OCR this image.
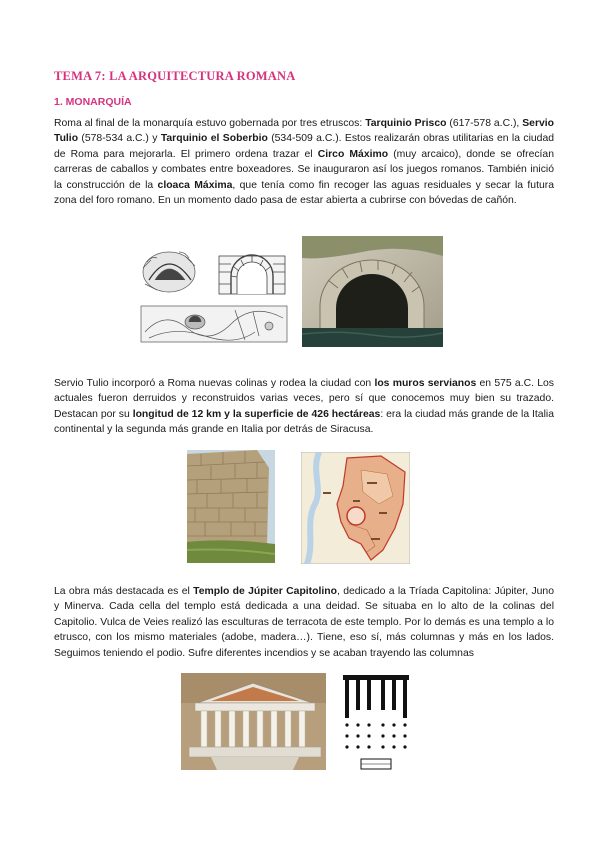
TEMA 7: LA ARQUITECTURA ROMANA
1. MONARQUÍA

Roma al final de la monarquía estuvo gobernada por tres etruscos: Tarquinio Prisco (617-578 a.C.), Servio Tulio (578-534 a.C.) y Tarquinio el Soberbio (534-509 a.C.). Estos realizarán obras utilitarias en la ciudad de Roma para mejorarla. El primero ordena trazar el Circo Máximo (muy arcaico), donde se ofrecían carreras de caballos y combates entre boxeadores. Se inauguraron así los juegos romanos. También inició la construcción de la cloaca Máxima, que tenía como fin recoger las aguas residuales y secar la futura zona del foro romano. En un momento dado pasa de estar abierta a cubrirse con bóvedas de cañón.

Servio Tulio incorporó a Roma nuevas colinas y rodea la ciudad con los muros servianos en 575 a.C. Los actuales fueron derruidos y reconstruidos varias veces, pero sí que conocemos muy bien su trazado. Destacan por su longitud de 12 km y la superficie de 426 hectáreas: era la ciudad más grande de la Italia continental y la segunda más grande en Italia por detrás de Siracusa.

La obra más destacada es el Templo de Júpiter Capitolino, dedicado a la Tríada Capitolina: Júpiter, Juno y Minerva. Cada cella del templo está dedicada a una deidad. Se situaba en lo alto de la colinas del Capitolio. Vulca de Veies realizó las esculturas de terracota de este templo. Por lo demás es una templo a lo etrusco, con los mismo materiales (adobe, madera…). Tiene, eso sí, más columnas y más en los lados. Seguimos teniendo el podio. Sufre diferentes incendios y se acaban trayendo las columnas
